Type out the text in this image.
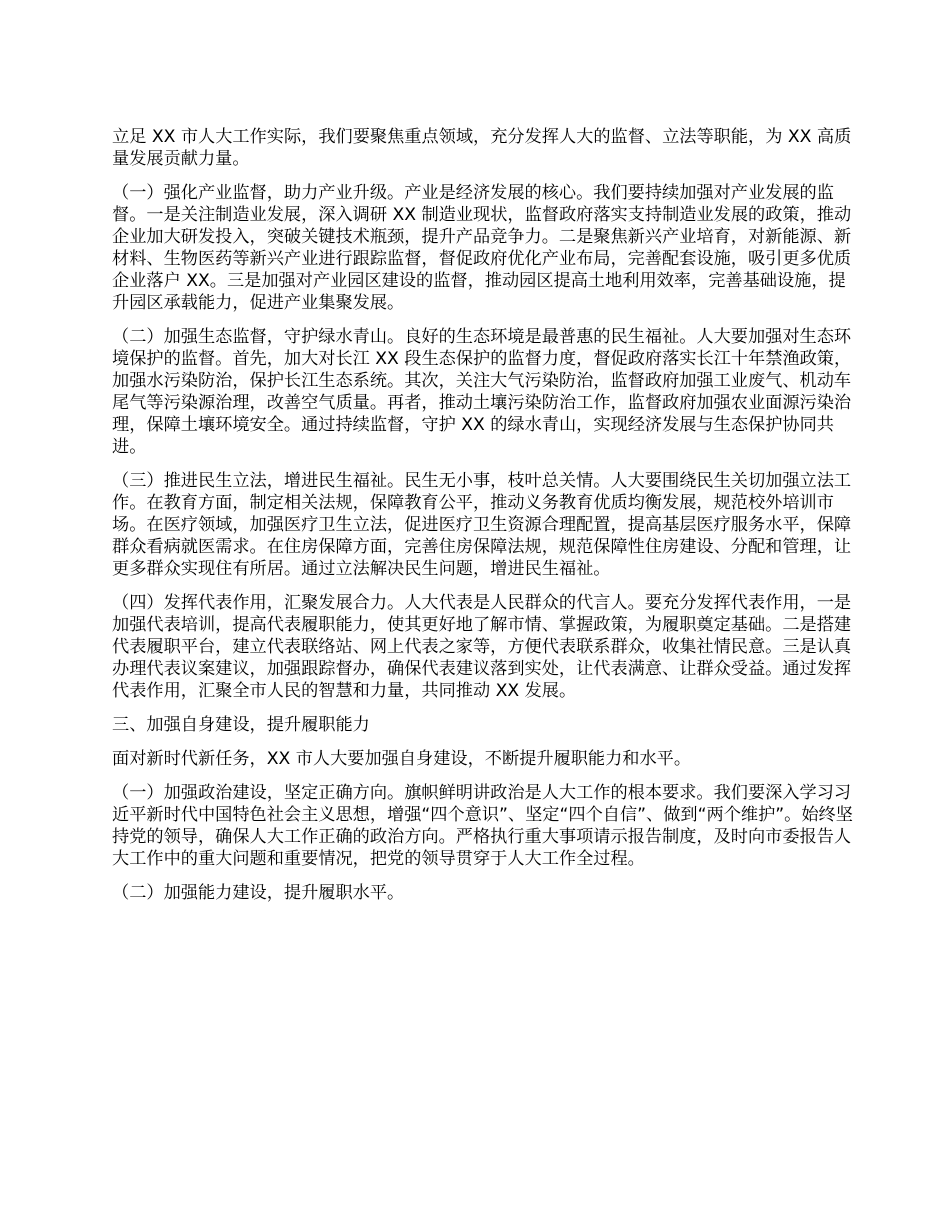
立足 XX 市人大工作实际，我们要聚焦重点领域，充分发挥人大的监督、立法等职能，为 XX 高质量发展贡献力量。

（一）强化产业监督，助力产业升级。产业是经济发展的核心。我们要持续加强对产业发展的监督。一是关注制造业发展，深入调研 XX 制造业现状，监督政府落实支持制造业发展的政策，推动企业加大研发投入，突破关键技术瓶颈，提升产品竞争力。二是聚焦新兴产业培育，对新能源、新材料、生物医药等新兴产业进行跟踪监督，督促政府优化产业布局，完善配套设施，吸引更多优质企业落户 XX。三是加强对产业园区建设的监督，推动园区提高土地利用效率，完善基础设施，提升园区承载能力，促进产业集聚发展。

（二）加强生态监督，守护绿水青山。良好的生态环境是最普惠的民生福祉。人大要加强对生态环境保护的监督。首先，加大对长江 XX 段生态保护的监督力度，督促政府落实长江十年禁渔政策，加强水污染防治，保护长江生态系统。其次，关注大气污染防治，监督政府加强工业废气、机动车尾气等污染源治理，改善空气质量。再者，推动土壤污染防治工作，监督政府加强农业面源污染治理，保障土壤环境安全。通过持续监督，守护 XX 的绿水青山，实现经济发展与生态保护协同共进。

（三）推进民生立法，增进民生福祉。民生无小事，枝叶总关情。人大要围绕民生关切加强立法工作。在教育方面，制定相关法规，保障教育公平，推动义务教育优质均衡发展，规范校外培训市场。在医疗领域，加强医疗卫生立法，促进医疗卫生资源合理配置，提高基层医疗服务水平，保障群众看病就医需求。在住房保障方面，完善住房保障法规，规范保障性住房建设、分配和管理，让更多群众实现住有所居。通过立法解决民生问题，增进民生福祉。

（四）发挥代表作用，汇聚发展合力。人大代表是人民群众的代言人。要充分发挥代表作用，一是加强代表培训，提高代表履职能力，使其更好地了解市情、掌握政策，为履职奠定基础。二是搭建代表履职平台，建立代表联络站、网上代表之家等，方便代表联系群众，收集社情民意。三是认真办理代表议案建议，加强跟踪督办，确保代表建议落到实处，让代表满意、让群众受益。通过发挥代表作用，汇聚全市人民的智慧和力量，共同推动 XX 发展。

三、加强自身建设，提升履职能力

面对新时代新任务，XX 市人大要加强自身建设，不断提升履职能力和水平。

（一）加强政治建设，坚定正确方向。旗帜鲜明讲政治是人大工作的根本要求。我们要深入学习习近平新时代中国特色社会主义思想，增强“四个意识”、坚定“四个自信”、做到“两个维护”。始终坚持党的领导，确保人大工作正确的政治方向。严格执行重大事项请示报告制度，及时向市委报告人大工作中的重大问题和重要情况，把党的领导贯穿于人大工作全过程。

（二）加强能力建设，提升履职水平。
